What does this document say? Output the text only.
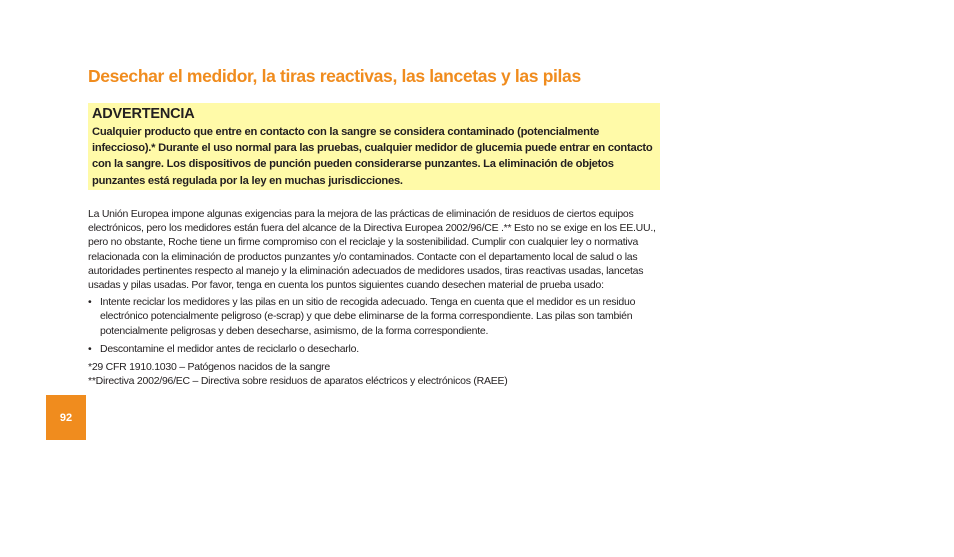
Desechar el medidor, la tiras reactivas, las lancetas y las pilas
ADVERTENCIA
Cualquier producto que entre en contacto con la sangre se considera contaminado (potencialmente infeccioso).* Durante el uso normal para las pruebas, cualquier medidor de glucemia puede entrar en contacto con la sangre. Los dispositivos de punción pueden considerarse punzantes. La eliminación de objetos punzantes está regulada por la ley en muchas jurisdicciones.

La Unión Europea impone algunas exigencias para la mejora de las prácticas de eliminación de residuos de ciertos equipos electrónicos, pero los medidores están fuera del alcance de la Directiva Europea 2002/96/CE .** Esto no se exige en los EE.UU., pero no obstante, Roche tiene un firme compromiso con el reciclaje y la sostenibilidad. Cumplir con cualquier ley o normativa relacionada con la eliminación de productos punzantes y/o contaminados. Contacte con el departamento local de salud o las autoridades pertinentes respecto al manejo y la eliminación adecuados de medidores usados, tiras reactivas usadas, lancetas usadas y pilas usadas. Por favor, tenga en cuenta los puntos siguientes cuando desechen material de prueba usado:

• Intente reciclar los medidores y las pilas en un sitio de recogida adecuado. Tenga en cuenta que el medidor es un residuo electrónico potencialmente peligroso (e-scrap) y que debe eliminarse de la forma correspondiente. Las pilas son también potencialmente peligrosas y deben desecharse, asimismo, de la forma correspondiente.
• Descontamine el medidor antes de reciclarlo o desecharlo.

*29 CFR 1910.1030 – Patógenos nacidos de la sangre

**Directiva 2002/96/EC – Directiva sobre residuos de aparatos eléctricos y electrónicos (RAEE)

92
